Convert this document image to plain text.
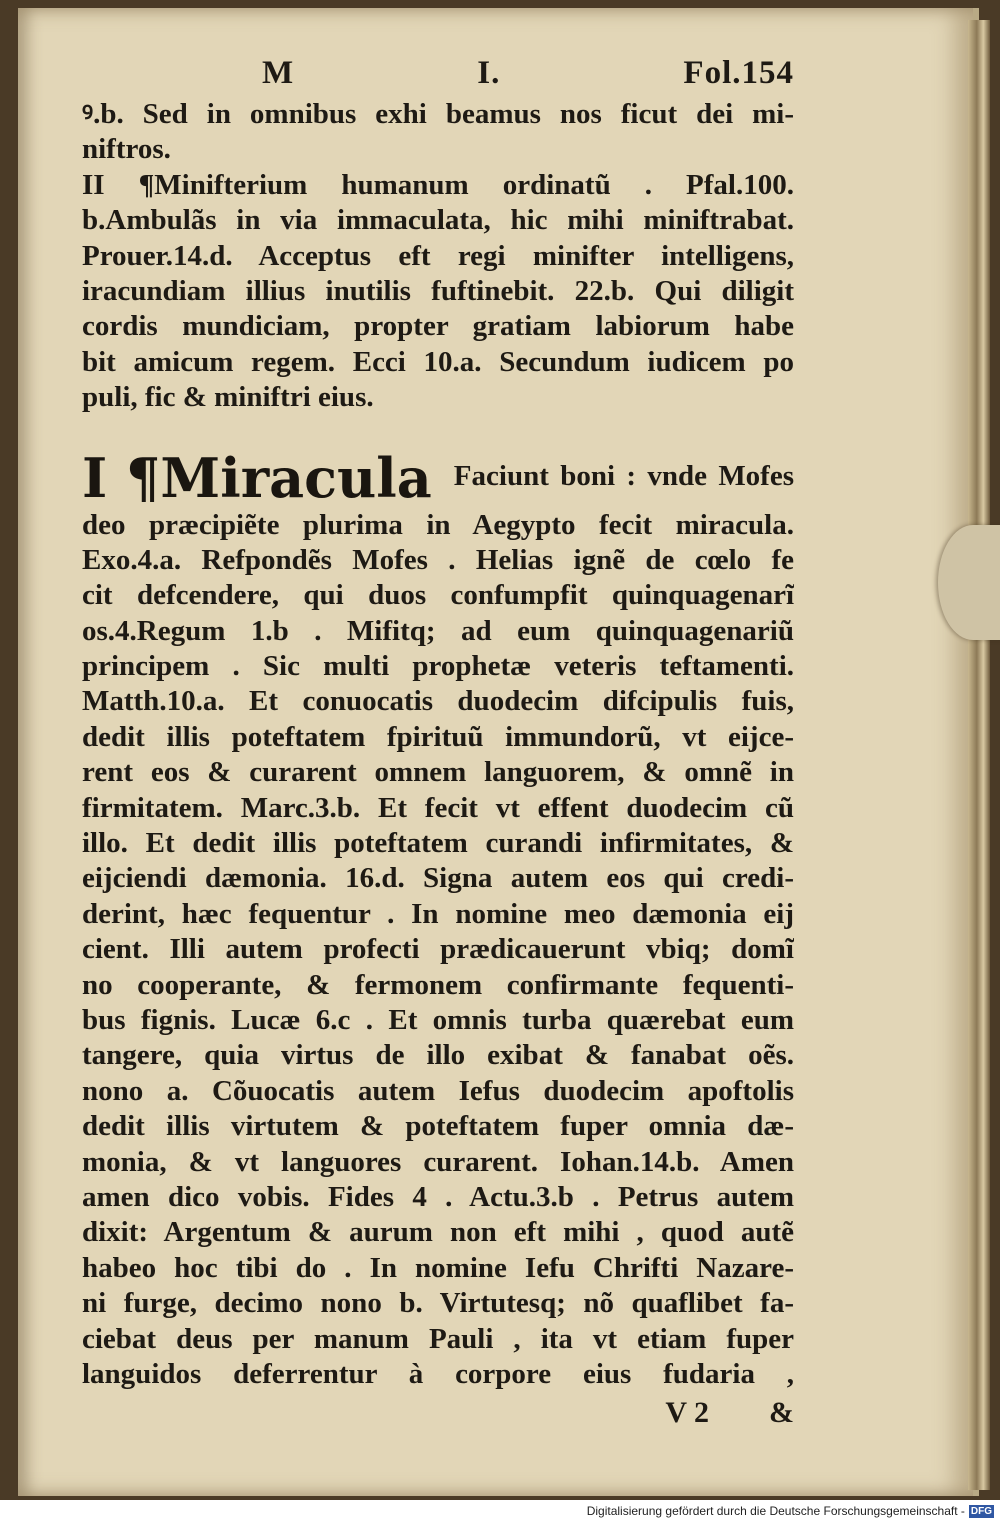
M	I.	Fol.154
ꝰ.b. Sed in omnibus exhi beamus nos ficut dei mi-
niftros.
II ¶Minifterium humanum ordinatũ . Pfal.100.
b.Ambulãs in via immaculata, hic mihi miniftrabat.
Prouer.14.d. Acceptus eft regi minifter intelligens,
iracundiam illius inutilis fuftinebit. 22.b. Qui diligit
cordis mundiciam, propter gratiam labiorum habe
bit amicum regem. Ecci 10.a. Secundum iudicem po
puli, fic & miniftri eius.
I ¶Miracula Faciunt boni : vnde Mofes
deo præcipiẽte plurima in Aegypto fecit miracula.
Exo.4.a. Refpondẽs Mofes . Helias ignẽ de cœlo fe
cit defcendere, qui duos confumpfit quinquagenarĩ
os.4.Regum 1.b . Mifitq; ad eum quinquagenariũ
principem . Sic multi prophetæ veteris teftamenti.
Matth.10.a. Et conuocatis duodecim difcipulis fuis,
dedit illis poteftatem fpirituũ immundorũ, vt eijce-
rent eos & curarent omnem languorem, & omnẽ in
firmitatem. Marc.3.b. Et fecit vt effent duodecim cũ
illo. Et dedit illis poteftatem curandi infirmitates, &
eijciendi dæmonia. 16.d. Signa autem eos qui credi-
derint, hæc fequentur . In nomine meo dæmonia eij
cient. Illi autem profecti prædicauerunt vbiq; domĩ
no cooperante, & fermonem confirmante fequenti-
bus fignis. Lucæ 6.c . Et omnis turba quærebat eum
tangere, quia virtus de illo exibat & fanabat oẽs.
nono a. Cõuocatis autem Iefus duodecim apoftolis
dedit illis virtutem & poteftatem fuper omnia dæ-
monia, & vt languores curarent. Iohan.14.b. Amen
amen dico vobis. Fides 4 . Actu.3.b . Petrus autem
dixit: Argentum & aurum non eft mihi , quod autẽ
habeo hoc tibi do . In nomine Iefu Chrifti Nazare-
ni furge, decimo nono b. Virtutesq; nõ quaflibet fa-
ciebat deus per manum Pauli , ita vt etiam fuper
languidos deferrentur à corpore eius fudaria ,
V 2 &
Digitalisierung gefördert durch die Deutsche Forschungsgemeinschaft - DFG
